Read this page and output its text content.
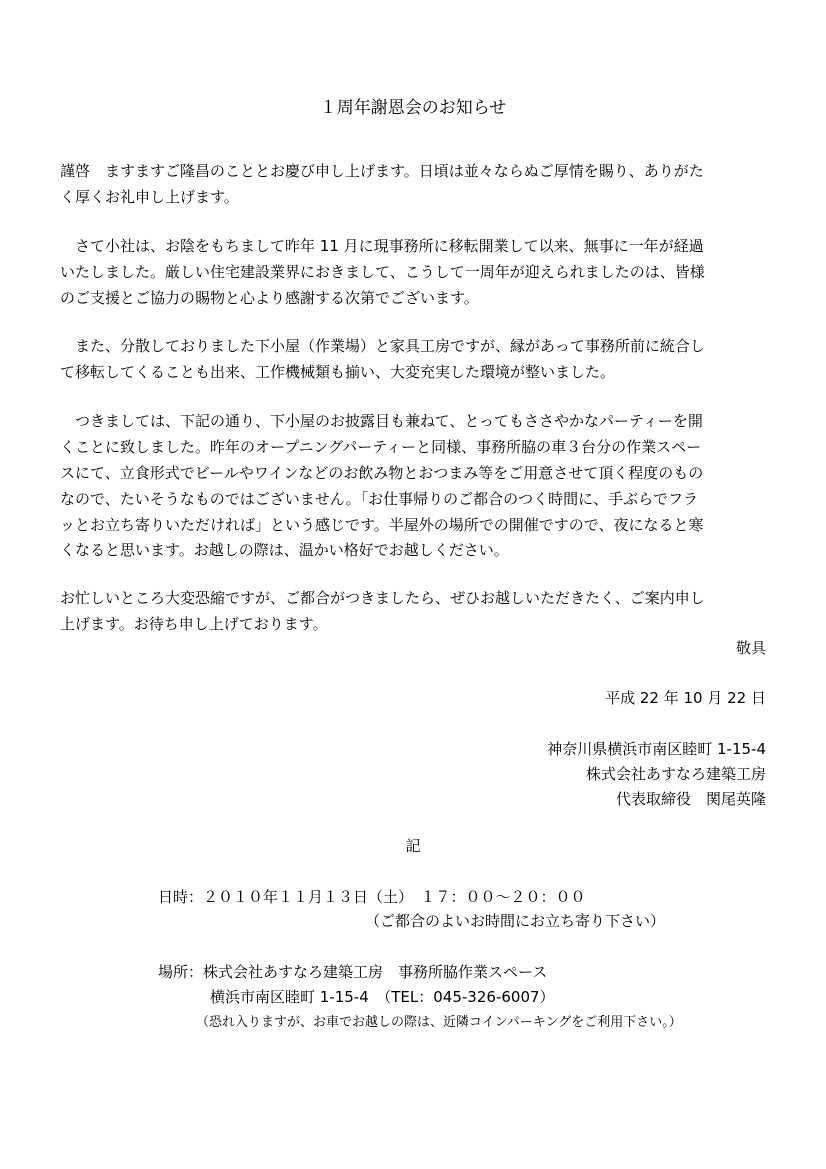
１周年謝恩会のお知らせ
謹啓　ますますご隆昌のこととお慶び申し上げます。日頃は並々ならぬご厚情を賜り、ありがた
く厚くお礼申し上げます。
　さて小社は、お陰をもちまして昨年 11 月に現事務所に移転開業して以来、無事に一年が経過
いたしました。厳しい住宅建設業界におきまして、こうして一周年が迎えられましたのは、皆様
のご支援とご協力の賜物と心より感謝する次第でございます。
　また、分散しておりました下小屋（作業場）と家具工房ですが、縁があって事務所前に統合し
て移転してくることも出来、工作機械類も揃い、大変充実した環境が整いました。
　つきましては、下記の通り、下小屋のお披露目も兼ねて、とってもささやかなパーティーを開
くことに致しました。昨年のオープニングパーティーと同様、事務所脇の車３台分の作業スペー
スにて、立食形式でビールやワインなどのお飲み物とおつまみ等をご用意させて頂く程度のもの
なので、たいそうなものではございません。「お仕事帰りのご都合のつく時間に、手ぶらでフラ
ッとお立ち寄りいただければ」という感じです。半屋外の場所での開催ですので、夜になると寒
くなると思います。お越しの際は、温かい格好でお越しください。
お忙しいところ大変恐縮ですが、ご都合がつきましたら、ぜひお越しいただきたく、ご案内申し
上げます。お待ち申し上げております。
敬具
平成 22 年 10 月 22 日
神奈川県横浜市南区睦町 1-15-4
株式会社あすなろ建築工房
代表取締役　関尾英隆
記
日時：２０１０年１１月１３日（土）　１７：００～２０：００
（ご都合のよいお時間にお立ち寄り下さい）
場所：株式会社あすなろ建築工房　事務所脇作業スペース
横浜市南区睦町 1-15-4　（TEL：045-326-6007）
（恐れ入りますが、お車でお越しの際は、近隣コインパーキングをご利用下さい。）
